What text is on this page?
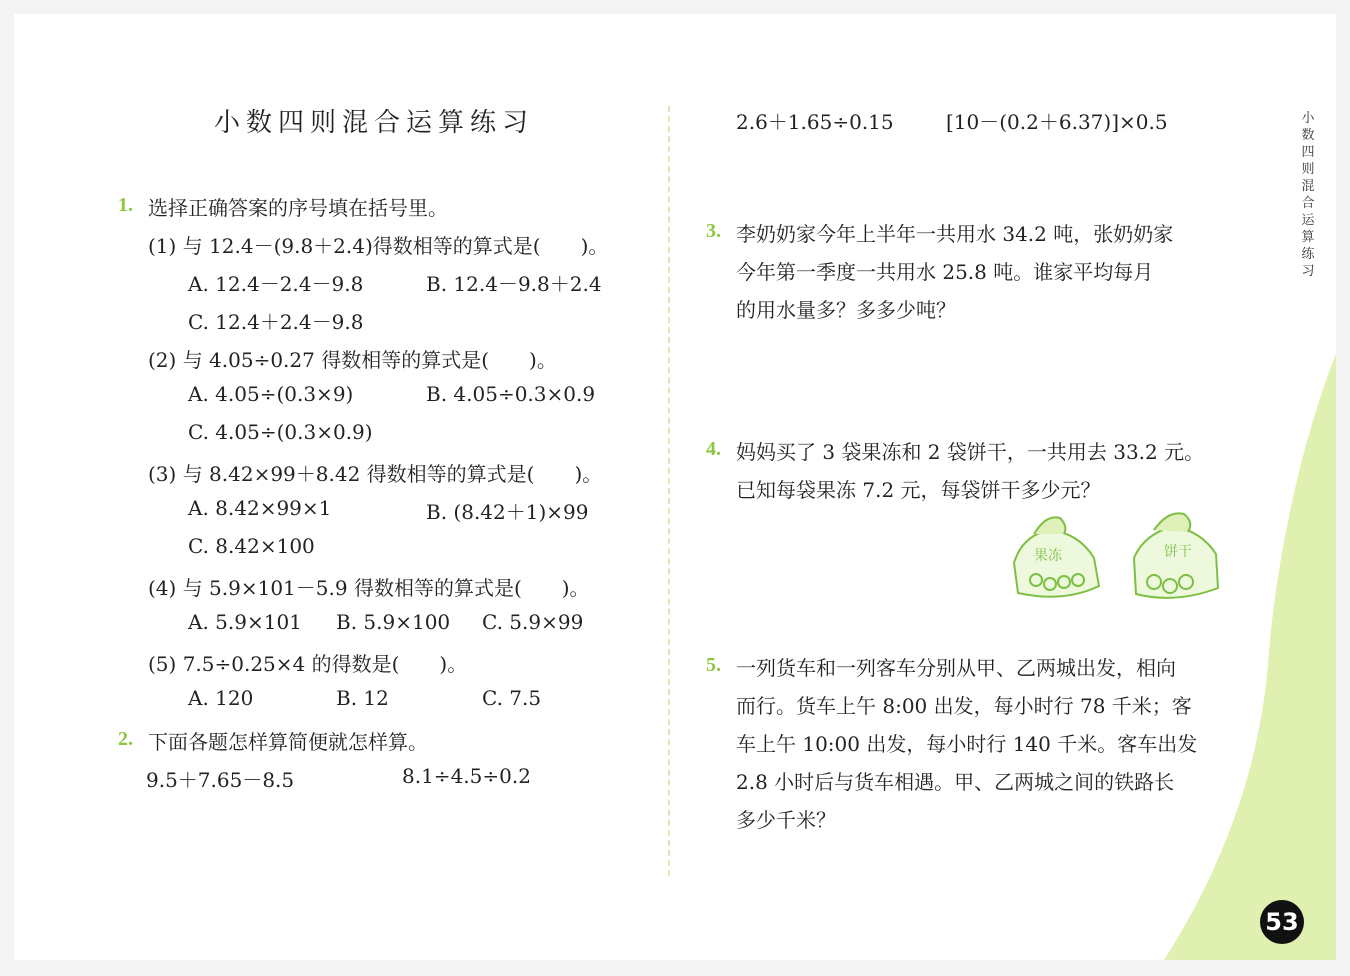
小数四则混合运算练习
1. 选择正确答案的序号填在括号里。
(1) 与 12.4－(9.8＋2.4)得数相等的算式是(　　)。
A. 12.4－2.4－9.8	B. 12.4－9.8＋2.4
C. 12.4＋2.4－9.8
(2) 与 4.05÷0.27 得数相等的算式是(　　)。
A. 4.05÷(0.3×9)	B. 4.05÷0.3×0.9
C. 4.05÷(0.3×0.9)
(3) 与 8.42×99＋8.42 得数相等的算式是(　　)。
A. 8.42×99×1	B. (8.42＋1)×99
C. 8.42×100
(4) 与 5.9×101－5.9 得数相等的算式是(　　)。
A. 5.9×101 B. 5.9×100 C. 5.9×99
(5) 7.5÷0.25×4 的得数是(　　)。
A. 120	B. 12	C. 7.5
2. 下面各题怎样算简便就怎样算。
9.5＋7.65－8.5	8.1÷4.5÷0.2
2.6＋1.65÷0.15	[10－(0.2＋6.37)]×0.5
3. 李奶奶家今年上半年一共用水 34.2 吨，张奶奶家
今年第一季度一共用水 25.8 吨。谁家平均每月
的用水量多？多多少吨？
4. 妈妈买了 3 袋果冻和 2 袋饼干，一共用去 33.2 元。
已知每袋果冻 7.2 元，每袋饼干多少元？
果冻	饼干
5. 一列货车和一列客车分别从甲、乙两城出发，相向
而行。货车上午 8:00 出发，每小时行 78 千米；客
车上午 10:00 出发，每小时行 140 千米。客车出发
2.8 小时后与货车相遇。甲、乙两城之间的铁路长
多少千米？
小
数
四
则
混
合
运
算
练
习
53
